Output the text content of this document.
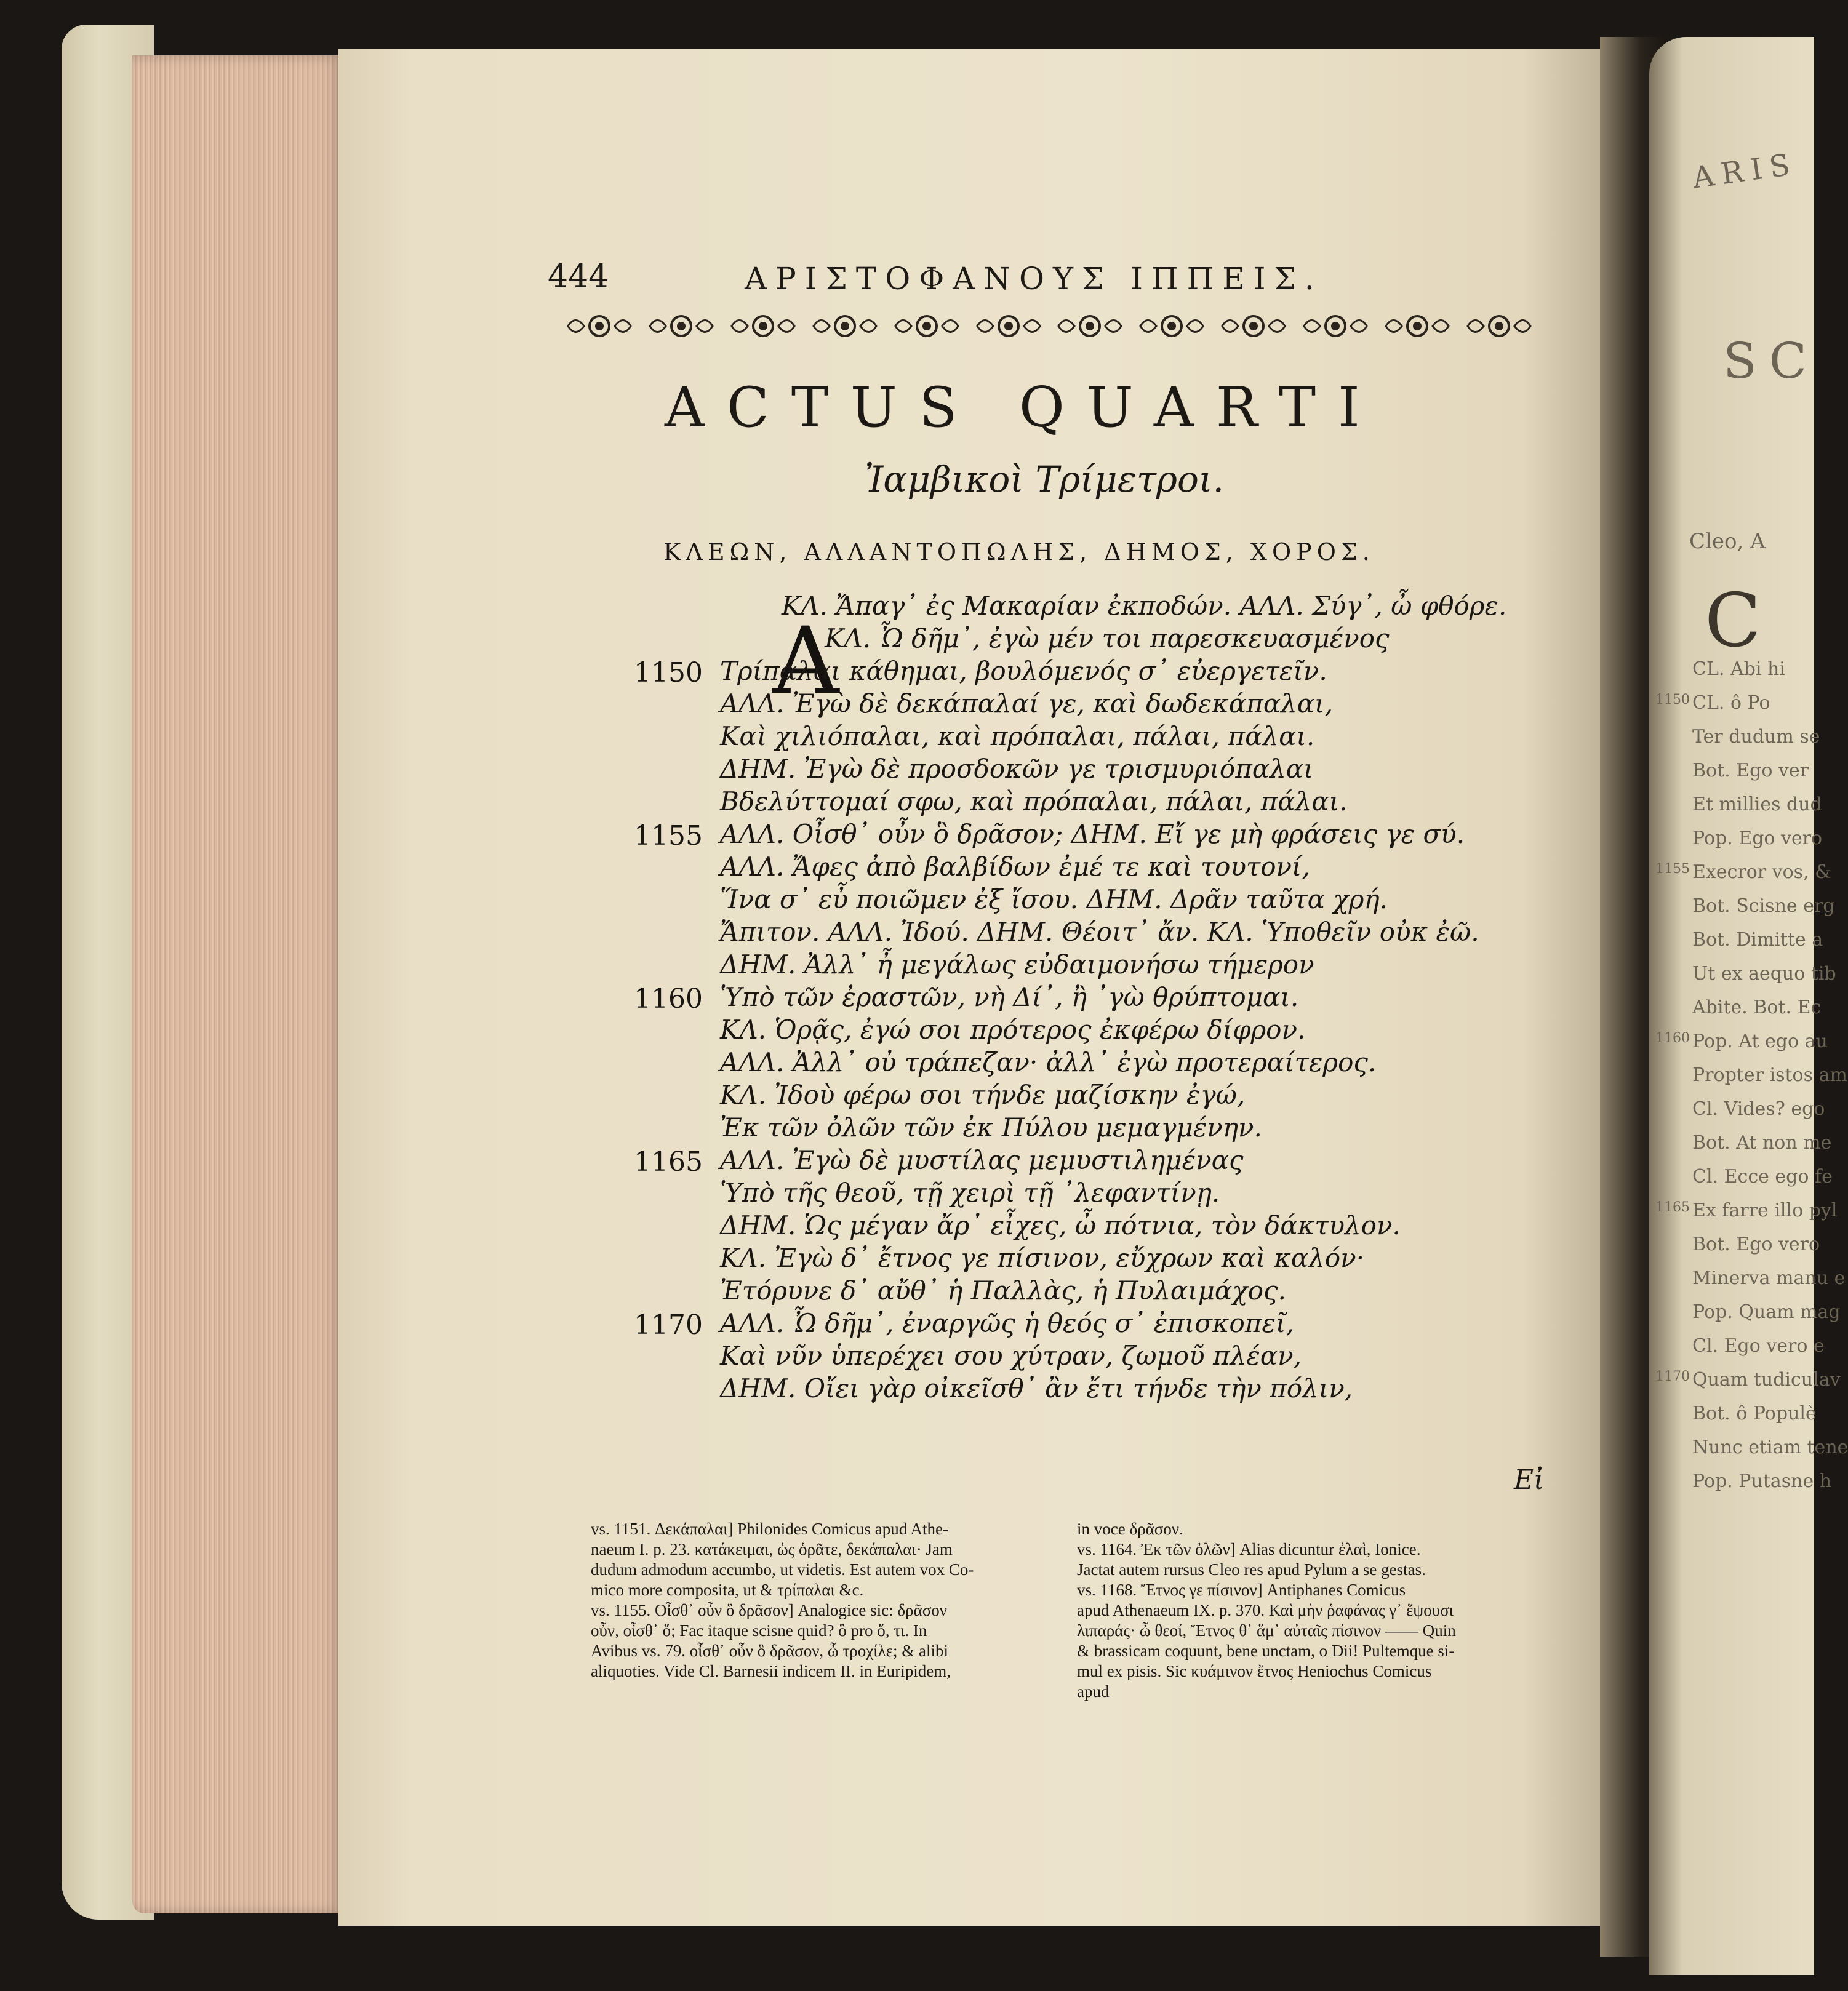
444	ΑΡΙΣΤΟΦΑΝΟΥΣ ΙΠΠΕΙΣ.
ACTUS QUARTI
Ἰαμβικοὶ Τρίμετροι.
ΚΛΕΩΝ, ΑΛΛΑΝΤΟΠΩΛΗΣ, ΔΗΜΟΣ, ΧΟΡΟΣ.
Α
ΚΛ. Ἄπαγ᾽ ἐς Μακαρίαν ἐκποδών. ΑΛΛ. Σύγ᾽, ὦ φθόρε.
ΚΛ. Ὦ δῆμ᾽, ἐγὼ μέν τοι παρεσκευασμένος
1150 Τρίπαλαι κάθημαι, βουλόμενός σ᾽ εὐεργετεῖν.
ΑΛΛ. Ἐγὼ δὲ δεκάπαλαί γε, καὶ δωδεκάπαλαι,
Καὶ χιλιόπαλαι, καὶ πρόπαλαι, πάλαι, πάλαι.
ΔΗΜ. Ἐγὼ δὲ προσδοκῶν γε τρισμυριόπαλαι
Βδελύττομαί σφω, καὶ πρόπαλαι, πάλαι, πάλαι.
1155 ΑΛΛ. Οἶσθ᾽ οὖν ὃ δρᾶσον; ΔΗΜ. Εἴ γε μὴ φράσεις γε σύ.
ΑΛΛ. Ἄφες ἀπὸ βαλβίδων ἐμέ τε καὶ τουτονί,
Ἵνα σ᾽ εὖ ποιῶμεν ἐξ ἴσου. ΔΗΜ. Δρᾶν ταῦτα χρή.
Ἄπιτον. ΑΛΛ. Ἰδού. ΔΗΜ. Θέοιτ᾽ ἄν. ΚΛ. Ὑποθεῖν οὐκ ἐῶ.
ΔΗΜ. Ἀλλ᾽ ἦ μεγάλως εὐδαιμονήσω τήμερον
1160 Ὑπὸ τῶν ἐραστῶν, νὴ Δί᾽, ἢ ᾽γὼ θρύπτομαι.
ΚΛ. Ὁρᾷς, ἐγώ σοι πρότερος ἐκφέρω δίφρον.
ΑΛΛ. Ἀλλ᾽ οὐ τράπεζαν· ἀλλ᾽ ἐγὼ προτεραίτερος.
ΚΛ. Ἰδοὺ φέρω σοι τήνδε μαζίσκην ἐγώ,
Ἐκ τῶν ὀλῶν τῶν ἐκ Πύλου μεμαγμένην.
1165 ΑΛΛ. Ἐγὼ δὲ μυστίλας μεμυστιλημένας
Ὑπὸ τῆς θεοῦ, τῇ χειρὶ τῇ ᾽λεφαντίνῃ.
ΔΗΜ. Ὡς μέγαν ἄρ᾽ εἶχες, ὦ πότνια, τὸν δάκτυλον.
ΚΛ. Ἐγὼ δ᾽ ἔτνος γε πίσινον, εὔχρων καὶ καλόν·
Ἐτόρυνε δ᾽ αὔθ᾽ ἡ Παλλὰς, ἡ Πυλαιμάχος.
1170 ΑΛΛ. Ὦ δῆμ᾽, ἐναργῶς ἡ θεός σ᾽ ἐπισκοπεῖ,
Καὶ νῦν ὑπερέχει σου χύτραν, ζωμοῦ πλέαν,
ΔΗΜ. Οἴει γὰρ οἰκεῖσθ᾽ ἂν ἔτι τήνδε τὴν πόλιν,
Εἰ
vs. 1151. Δεκάπαλαι] Philonides Comicus apud Athe-
naeum I. p. 23. κατάκειμαι, ὡς ὁρᾶτε, δεκάπαλαι· Jam
dudum admodum accumbo, ut videtis. Est autem vox Co-
mico more composita, ut & τρίπαλαι &c.
vs. 1155. Οἶσθ᾽ οὖν ὃ δρᾶσον] Analogice sic: δρᾶσον
οὖν, οἶσθ᾽ ὅ; Fac itaque scisne quid? ὃ pro ὅ, τι. In
Avibus vs. 79. οἶσθ᾽ οὖν ὃ δρᾶσον, ὦ τροχίλε; & alibi
aliquoties. Vide Cl. Barnesii indicem II. in Euripidem,
in voce δρᾶσον.
vs. 1164. Ἐκ τῶν ὀλῶν] Alias dicuntur ἐλαὶ, Ionice.
Jactat autem rursus Cleo res apud Pylum a se gestas.
vs. 1168. Ἔτνος γε πίσινον] Antiphanes Comicus
apud Athenaeum IX. p. 370. Καὶ μὴν ῥαφάνας γ᾽ ἕψουσι
λιπαράς· ὦ θεοί, Ἔτνος θ᾽ ἅμ᾽ αὐταῖς πίσινον —— Quin
& brassicam coquunt, bene unctam, o Dii! Pultemque si-
mul ex pisis. Sic κυάμινον ἔτνος Heniochus Comicus
apud
ARIS
SC
Cleo, A
C
CL. Abi hi
CL. ô Po
Ter dudum se
Bot. Ego ver
Et millies dud
Pop. Ego vero
Execror vos, &
Bot. Scisne erg
Bot. Dimitte a
Ut ex aequo tib
Abite. Bot. Ec
Pop. At ego au
Propter istos am
Cl. Vides? ego
Bot. At non me
Cl. Ecce ego fe
Ex farre illo pyl
Bot. Ego vero
Minerva manu e
Pop. Quam mag
Cl. Ego vero e
Quam tudiculav
Bot. ô Populè
Nunc etiam tene
Pop. Putasne h
1150
1155
1160
1165
1170
